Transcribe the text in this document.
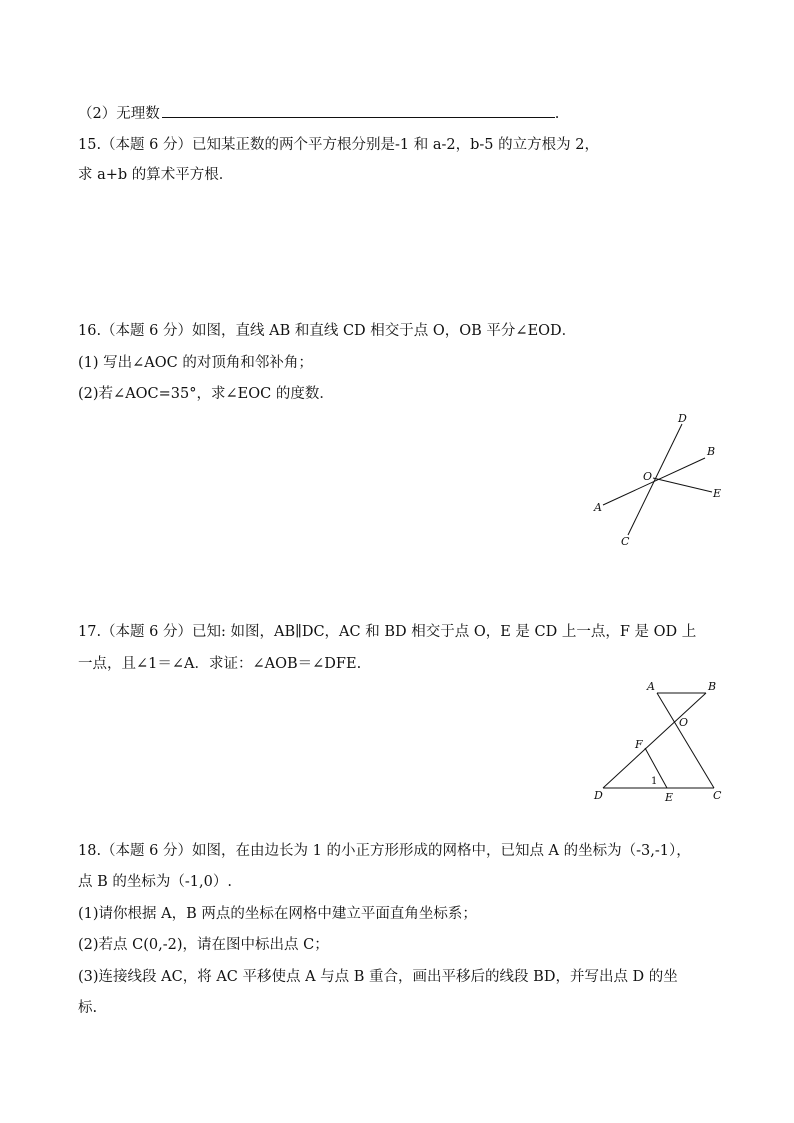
（2）无理数	.
15.（本题 6 分）已知某正数的两个平方根分别是-1 和 a-2，b-5 的立方根为 2，
求 a+b 的算术平方根．
16.（本题 6 分）如图，直线 AB 和直线 CD 相交于点 O，OB 平分∠EOD．
(1) 写出∠AOC 的对顶角和邻补角；
(2)若∠AOC=35°，求∠EOC 的度数．
D
B
O
E
A
C
17.（本题 6 分）已知: 如图，AB∥DC，AC 和 BD 相交于点 O，E 是 CD 上一点，F 是 OD 上
一点，且∠1＝∠A．求证：∠AOB＝∠DFE.
A	B
O
F
1
D	E	C
18.（本题 6 分）如图，在由边长为 1 的小正方形形成的网格中，已知点 A 的坐标为（-3,-1），
点 B 的坐标为（-1,0）.
(1)请你根据 A，B 两点的坐标在网格中建立平面直角坐标系；
(2)若点 C(0,-2)，请在图中标出点 C；
(3)连接线段 AC，将 AC 平移使点 A 与点 B 重合，画出平移后的线段 BD，并写出点 D 的坐
标.
